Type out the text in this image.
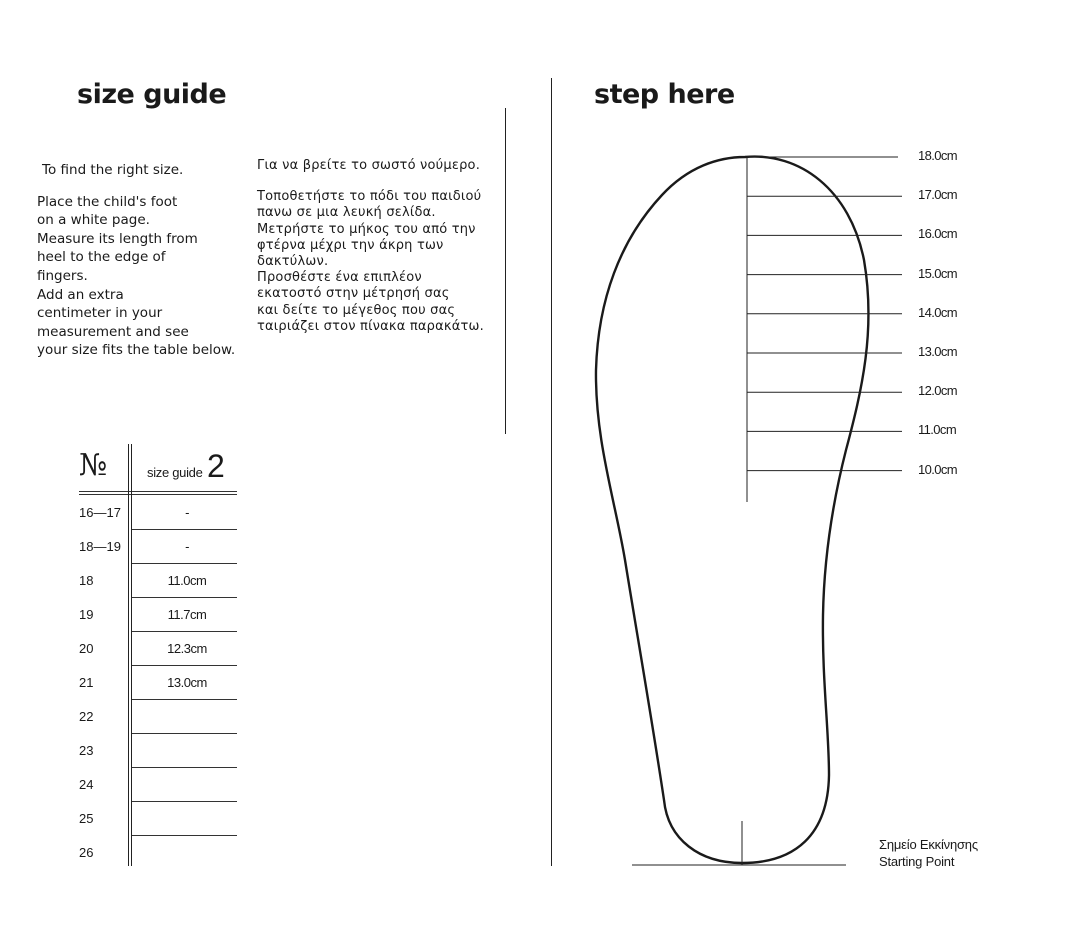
size guide
To find the right size.
Place the child's foot
on a white page.
Measure its length from
heel to the edge of
fingers.
Add an extra
centimeter in your
measurement and see
your size fits the table below.
Για να βρείτε το σωστό νούμερο.
Τοποθετήστε το πόδι του παιδιού
πανω σε μια λευκή σελίδα.
Μετρήστε το μήκος του από την
φτέρνα μέχρι την άκρη των
δακτύλων.
Προσθέστε ένα επιπλέον
εκατοστό στην μέτρησή σας
και δείτε το μέγεθος που σας
ταιριάζει στον πίνακα παρακάτω.
№	size guide 2
16—17	-
18—19	-
18	11.0cm
19	11.7cm
20	12.3cm
21	13.0cm
22
23
24
25
26
step here
18.0cm
17.0cm
16.0cm
15.0cm
14.0cm
13.0cm
12.0cm
11.0cm
10.0cm
Σημείο Εκκίνησης
Starting Point
